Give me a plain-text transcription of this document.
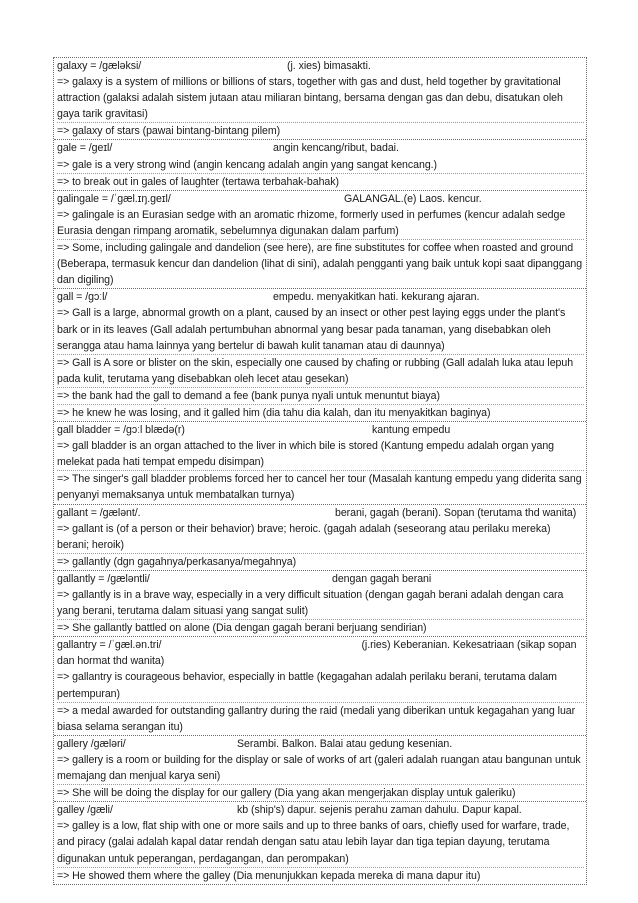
galaxy = /gæləksi/	(j. xies) bimasakti.
=> galaxy is a system of millions or billions of stars, together with gas and dust, held together by gravitational attraction (galaksi adalah sistem jutaan atau miliaran bintang, bersama dengan gas dan debu, disatukan oleh gaya tarik gravitasi)
=> galaxy of stars (pawai bintang-bintang pilem)
gale = /geɪl/	angin kencang/ribut, badai.
=> gale is a very strong wind (angin kencang adalah angin yang sangat kencang.)
=> to break out in gales of laughter (tertawa terbahak-bahak)
galingale = /ˈgæl.ɪŋ.geɪl/	GALANGAL.(e) Laos. kencur.
=> galingale is an Eurasian sedge with an aromatic rhizome, formerly used in perfumes (kencur adalah sedge Eurasia dengan rimpang aromatik, sebelumnya digunakan dalam parfum)
=> Some, including galingale and dandelion (see here), are fine substitutes for coffee when roasted and ground (Beberapa, termasuk kencur dan dandelion (lihat di sini), adalah pengganti yang baik untuk kopi saat dipanggang dan digiling)
gall = /gɔːl/	empedu. menyakitkan hati. kekurang ajaran.
=> Gall is a large, abnormal growth on a plant, caused by an insect or other pest laying eggs under the plant's bark or in its leaves (Gall adalah pertumbuhan abnormal yang besar pada tanaman, yang disebabkan oleh serangga atau hama lainnya yang bertelur di bawah kulit tanaman atau di daunnya)
=> Gall is A sore or blister on the skin, especially one caused by chafing or rubbing (Gall adalah luka atau lepuh pada kulit, terutama yang disebabkan oleh lecet atau gesekan)
=> the bank had the gall to demand a fee (bank punya nyali untuk menuntut biaya)
=> he knew he was losing, and it galled him (dia tahu dia kalah, dan itu menyakitkan baginya)
gall bladder = /gɔːl blædə(r)	kantung empedu
=> gall bladder is an organ attached to the liver in which bile is stored (Kantung empedu adalah organ yang melekat pada hati tempat empedu disimpan)
=> The singer's gall bladder problems forced her to cancel her tour (Masalah kantung empedu yang diderita sang penyanyi memaksanya untuk membatalkan turnya)
gallant = /gælənt/.	berani, gagah (berani). Sopan (terutama thd wanita)
=> gallant is (of a person or their behavior) brave; heroic. (gagah adalah (seseorang atau perilaku mereka) berani; heroik)
=> gallantly (dgn gagahnya/perkasanya/megahnya)
gallantly = /gæləntli/	dengan gagah berani
=> gallantly is in a brave way, especially in a very difficult situation (dengan gagah berani adalah dengan cara yang berani, terutama dalam situasi yang sangat sulit)
=> She gallantly battled on alone (Dia dengan gagah berani berjuang sendirian)
gallantry = /ˈgæl.ən.tri/	(j.ries) Keberanian. Kekesatriaan (sikap sopan dan hormat thd wanita)
=> gallantry is courageous behavior, especially in battle (kegagahan adalah perilaku berani, terutama dalam pertempuran)
=> a medal awarded for outstanding gallantry during the raid (medali yang diberikan untuk kegagahan yang luar biasa selama serangan itu)
gallery /gæləri/	Serambi. Balkon. Balai atau gedung kesenian.
=> gallery is a room or building for the display or sale of works of art (galeri adalah ruangan atau bangunan untuk memajang dan menjual karya seni)
=> She will be doing the display for our gallery (Dia yang akan mengerjakan display untuk galeriku)
galley /gæli/	kb (ship's) dapur. sejenis perahu zaman dahulu. Dapur kapal.
=> galley is a low, flat ship with one or more sails and up to three banks of oars, chiefly used for warfare, trade, and piracy (galai adalah kapal datar rendah dengan satu atau lebih layar dan tiga tepian dayung, terutama digunakan untuk peperangan, perdagangan, dan perompakan)
=> He showed them where the galley (Dia menunjukkan kepada mereka di mana dapur itu)
